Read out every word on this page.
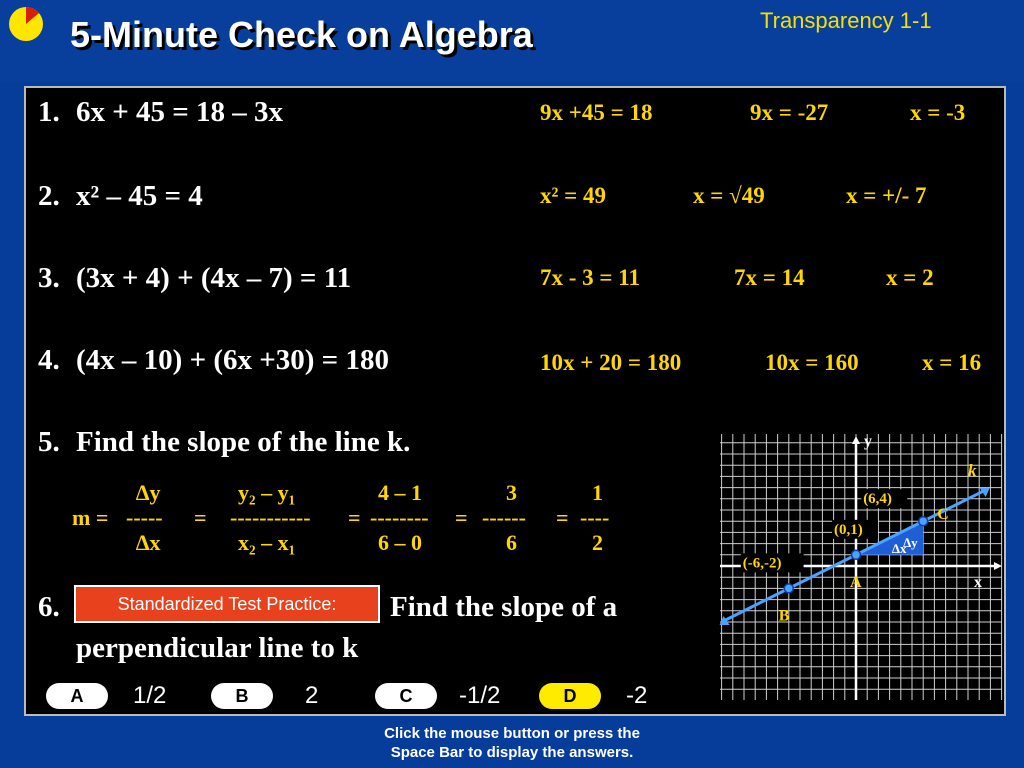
5-Minute Check on Algebra	Transparency 1-1
1. 6x + 45 = 18 – 3x
2. x² – 45 = 4
3. (3x + 4) + (4x – 7) = 11
4. (4x – 10) + (6x +30) = 180
5. Find the slope of the line k.
6.	Find the slope of a
perpendicular line to k
9x +45 = 18	9x = -27	x = -3
x² = 49	x = √49	x = +/- 7
7x - 3 = 11	7x = 14	x = 2
10x + 20 = 180	10x = 160	x = 16
∆y
m = ----- =
∆x
y₂ – y₁
-----------
x₂ – x₁
=
4 – 1
--------
6 – 0
=
3
------
6
=
1
----
2
Standardized Test Practice:
A	1/2	B	2	C	-1/2	D	-2
(6,4)
C
(0,1)
A
(-6,-2)
B
y
x
k
∆x
∆y
Click the mouse button or press the
Space Bar to display the answers.
